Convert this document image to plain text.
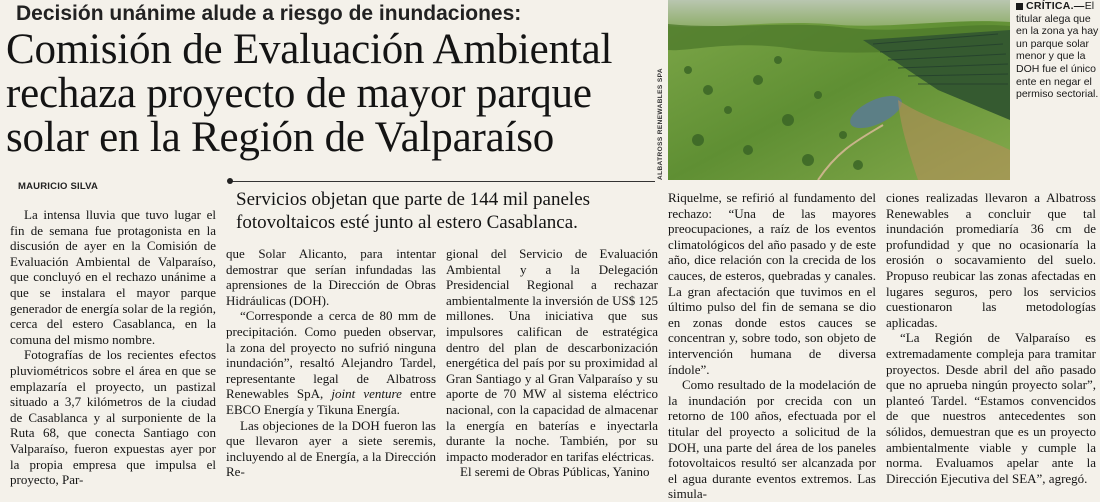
Decisión unánime alude a riesgo de inundaciones:
Comisión de Evaluación Ambiental rechaza proyecto de mayor parque solar en la Región de Valparaíso
MAURICIO SILVA
Servicios objetan que parte de 144 mil paneles fotovoltaicos esté junto al estero Casablanca.

La intensa lluvia que tuvo lugar el fin de semana fue protagonista en la discusión de ayer en la Comisión de Evaluación Ambiental de Valparaíso, que concluyó en el rechazo unánime a que se instalara el mayor parque generador de energía solar de la región, cerca del estero Casablanca, en la comuna del mismo nombre.

Fotografías de los recientes efectos pluviométricos sobre el área en que se emplazaría el proyecto, un pastizal situado a 3,7 kilómetros de la ciudad de Casablanca y al surponiente de la Ruta 68, que conecta Santiago con Valparaíso, fueron expuestas ayer por la propia empresa que impulsa el proyecto, Par-

que Solar Alicanto, para intentar demostrar que serían infundadas las aprensiones de la Dirección de Obras Hidráulicas (DOH).

“Corresponde a cerca de 80 mm de precipitación. Como pueden observar, la zona del proyecto no sufrió ninguna inundación”, resaltó Alejandro Tardel, representante legal de Albatross Renewables SpA, joint venture entre EBCO Energía y Tikuna Energía.

Las objeciones de la DOH fueron las que llevaron ayer a siete seremis, incluyendo al de Energía, a la Dirección Re-

gional del Servicio de Evaluación Ambiental y a la Delegación Presidencial Regional a rechazar ambientalmente la inversión de US$ 125 millones. Una iniciativa que sus impulsores califican de estratégica dentro del plan de descarbonización energética del país por su proximidad al Gran Santiago y al Gran Valparaíso y su aporte de 70 MW al sistema eléctrico nacional, con la capacidad de almacenar la energía en baterías e inyectarla durante la noche. También, por su impacto moderador en tarifas eléctricas.

El seremi de Obras Públicas, Yanino

Riquelme, se refirió al fundamento del rechazo: “Una de las mayores preocupaciones, a raíz de los eventos climatológicos del año pasado y de este año, dice relación con la crecida de los cauces, de esteros, quebradas y canales. La gran afectación que tuvimos en el último pulso del fin de semana se dio en zonas donde estos cauces se concentran y, sobre todo, son objeto de intervención humana de diversa índole”.

Como resultado de la modelación de la inundación por crecida con un retorno de 100 años, efectuada por el titular del proyecto a solicitud de la DOH, una parte del área de los paneles fotovoltaicos resultó ser alcanzada por el agua durante eventos extremos. Las simula-

ciones realizadas llevaron a Albatross Renewables a concluir que tal inundación promediaría 36 cm de profundidad y que no ocasionaría la erosión o socavamiento del suelo. Propuso reubicar las zonas afectadas en lugares seguros, pero los servicios cuestionaron las metodologías aplicadas.

“La Región de Valparaíso es extremadamente compleja para tramitar proyectos. Desde abril del año pasado que no aprueba ningún proyecto solar”, planteó Tardel. “Estamos convencidos de que nuestros antecedentes son sólidos, demuestran que es un proyecto ambientalmente viable y cumple la norma. Evaluamos apelar ante la Dirección Ejecutiva del SEA”, agregó.

ALBATROSS RENEWABLES SPA
CRÍTICA.—El titular alega que en la zona ya hay un parque solar menor y que la DOH fue el único ente en negar el permiso sectorial.
